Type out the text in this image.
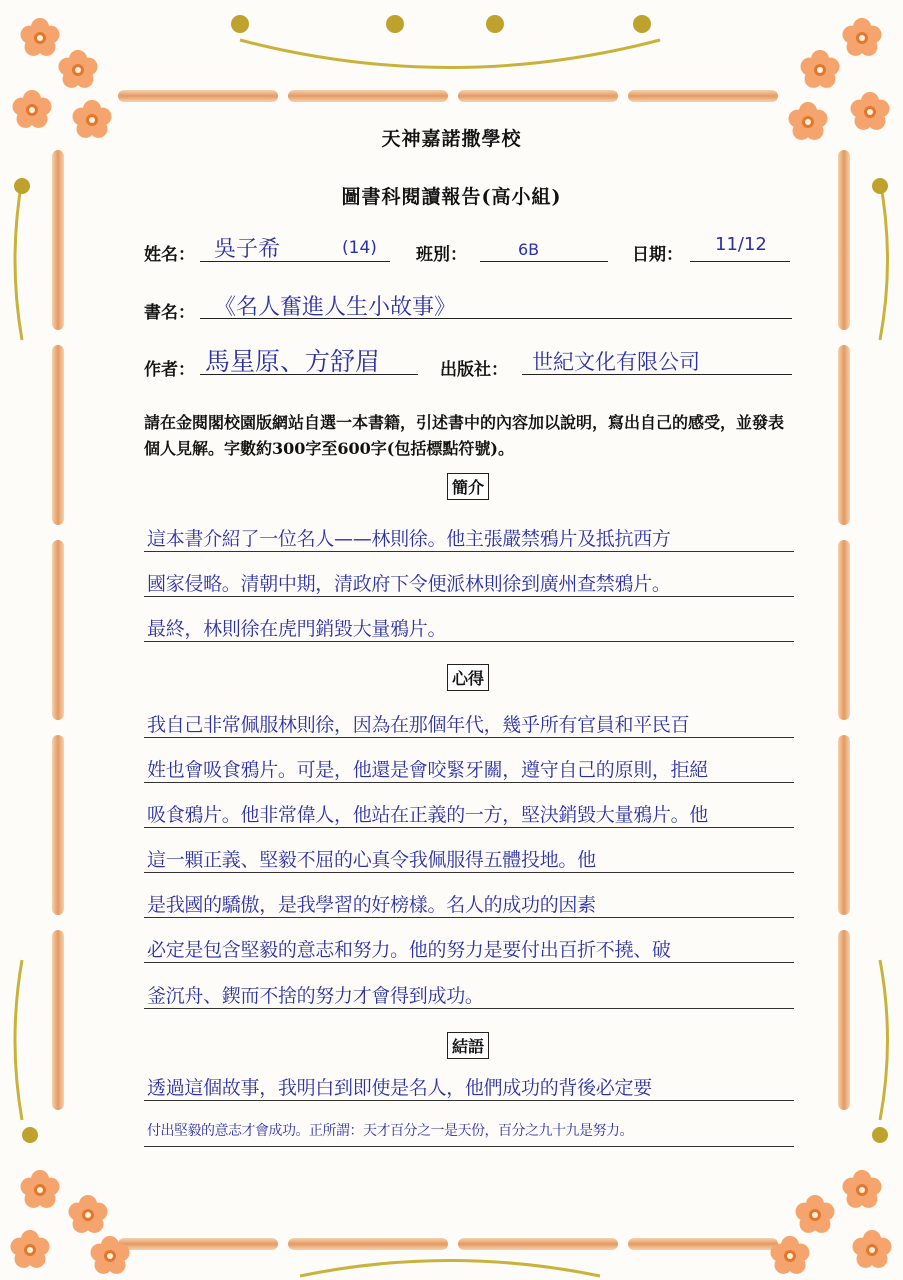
天神嘉諾撒學校
圖書科閱讀報告(高小組)
姓名： 吳子希	(14) 班別：	6B	日期： 11/12
書名： 《名人奮進人生小故事》
作者： 馬星原、方舒眉	出版社： 世紀文化有限公司
請在金閱閣校園版網站自選一本書籍，引述書中的內容加以說明，寫出自己的感受，並發表個人見解。字數約300字至600字(包括標點符號)。
簡介
這本書介紹了一位名人——林則徐。他主張嚴禁鴉片及抵抗西方
國家侵略。清朝中期，清政府下令便派林則徐到廣州查禁鴉片。
最終，林則徐在虎門銷毀大量鴉片。
心得
我自己非常佩服林則徐，因為在那個年代，幾乎所有官員和平民百
姓也會吸食鴉片。可是，他還是會咬緊牙關，遵守自己的原則，拒絕
吸食鴉片。他非常偉人，他站在正義的一方，堅決銷毀大量鴉片。他
這一顆正義、堅毅不屈的心真令我佩服得五體投地。他
是我國的驕傲，是我學習的好榜樣。名人的成功的因素
必定是包含堅毅的意志和努力。他的努力是要付出百折不撓、破
釜沉舟、鍥而不捨的努力才會得到成功。
結語
透過這個故事，我明白到即使是名人，他們成功的背後必定要
付出堅毅的意志才會成功。正所謂：天才百分之一是天份，百分之九十九是努力。
